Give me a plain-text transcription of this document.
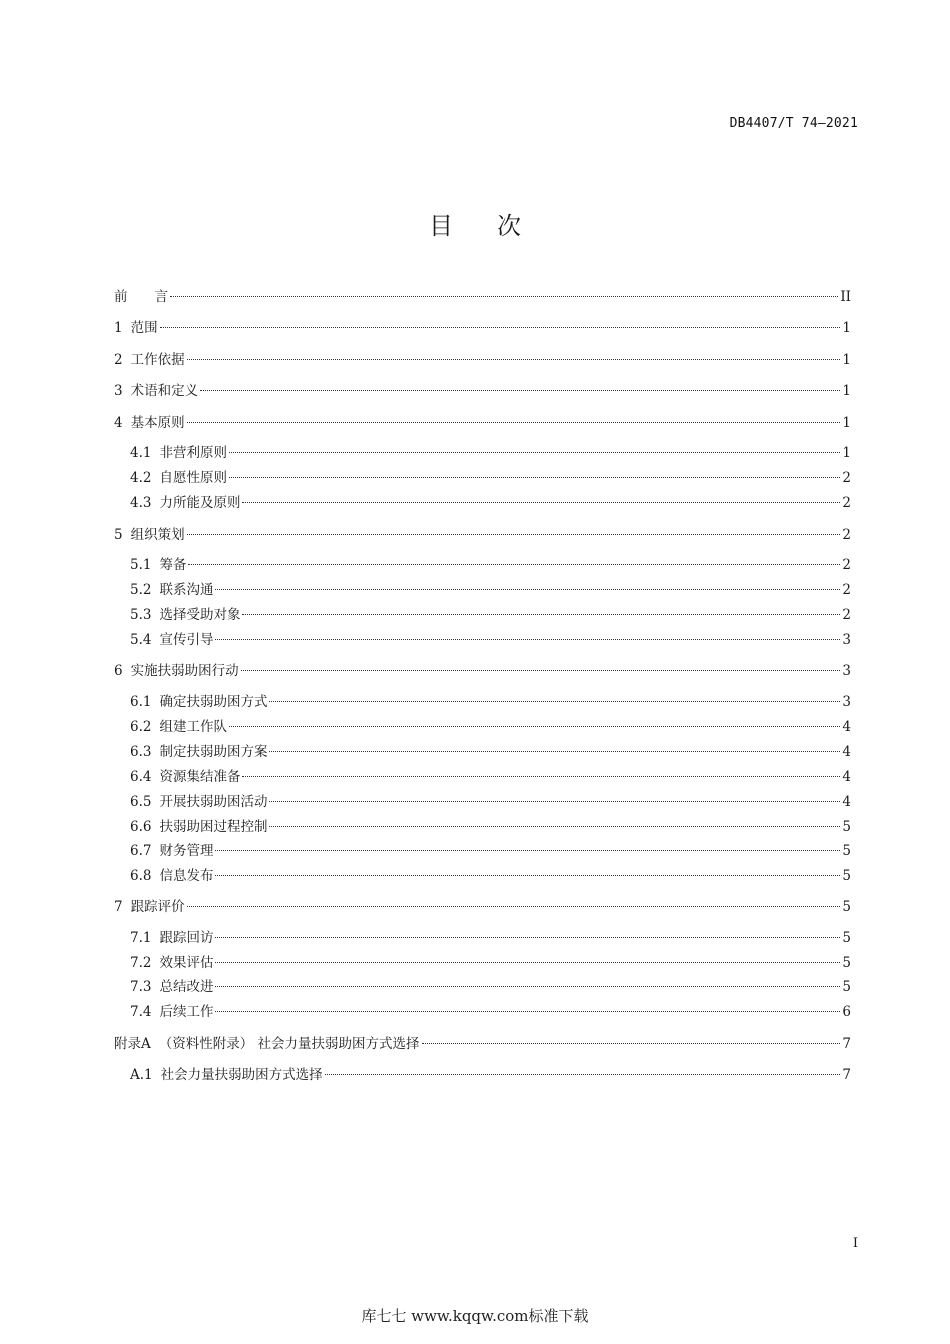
DB4407/T 74—2021
目次
前　　言	II
1 范围	1
2 工作依据	1
3 术语和定义	1
4 基本原则	1
4.1 非营利原则	1
4.2 自愿性原则	2
4.3 力所能及原则	2
5 组织策划	2
5.1 筹备	2
5.2 联系沟通	2
5.3 选择受助对象	2
5.4 宣传引导	3
6 实施扶弱助困行动	3
6.1 确定扶弱助困方式	3
6.2 组建工作队	4
6.3 制定扶弱助困方案	4
6.4 资源集结准备	4
6.5 开展扶弱助困活动	4
6.6 扶弱助困过程控制	5
6.7 财务管理	5
6.8 信息发布	5
7 跟踪评价	5
7.1 跟踪回访	5
7.2 效果评估	5
7.3 总结改进	5
7.4 后续工作	6
附录A （资料性附录） 社会力量扶弱助困方式选择	7
A.1 社会力量扶弱助困方式选择	7
I
库七七 www.kqqw.com标准下载
